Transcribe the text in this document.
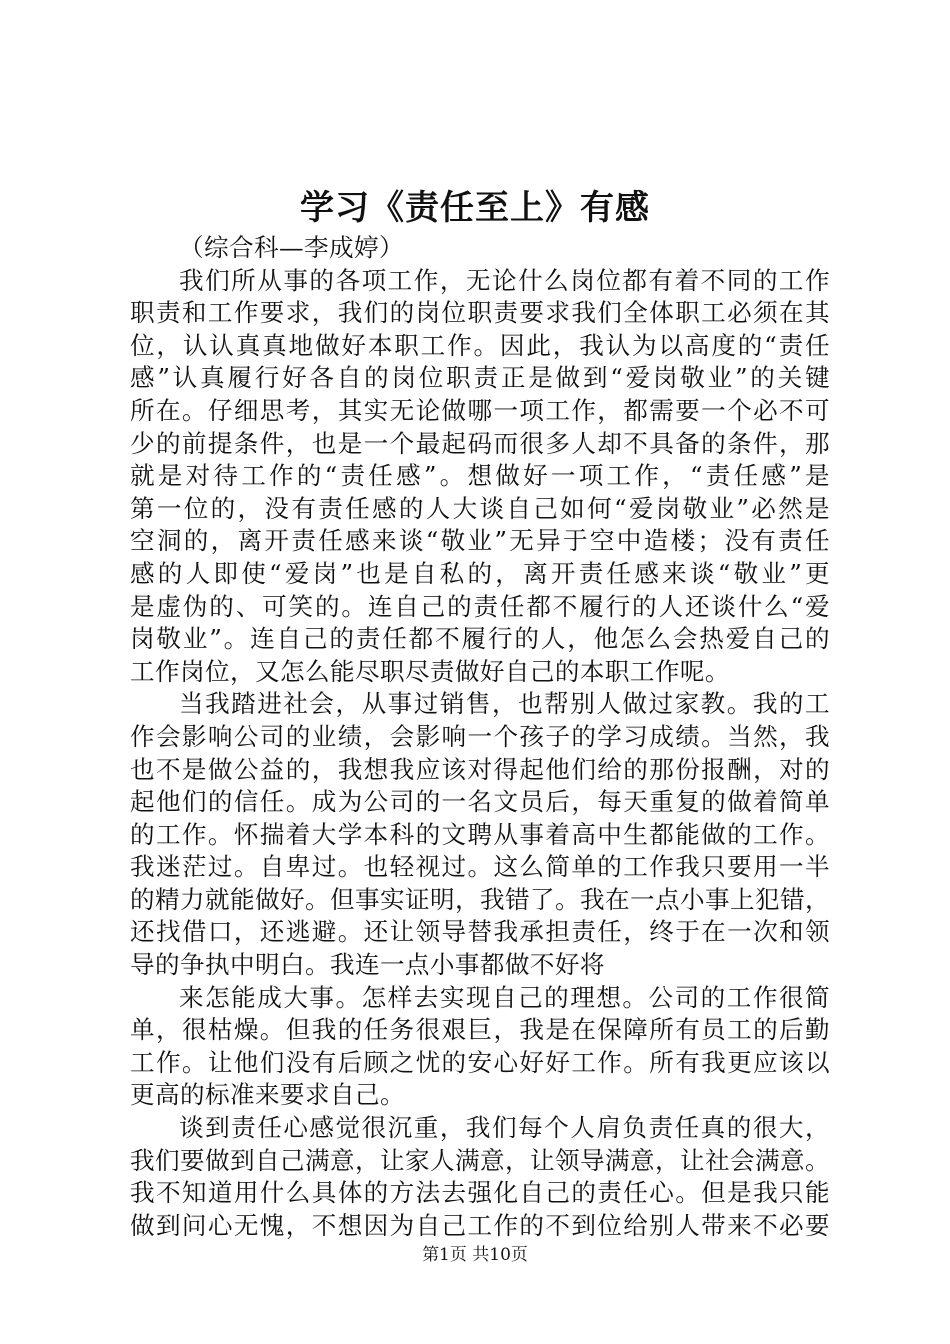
学习《责任至上》有感
（综合科—李成婷）
我们所从事的各项工作，无论什么岗位都有着不同的工作
职责和工作要求，我们的岗位职责要求我们全体职工必须在其
位，认认真真地做好本职工作。因此，我认为以高度的“责任
感”认真履行好各自的岗位职责正是做到“爱岗敬业”的关键
所在。仔细思考，其实无论做哪一项工作，都需要一个必不可
少的前提条件，也是一个最起码而很多人却不具备的条件，那
就是对待工作的“责任感”。想做好一项工作，“责任感”是
第一位的，没有责任感的人大谈自己如何“爱岗敬业”必然是
空洞的，离开责任感来谈“敬业”无异于空中造楼；没有责任
感的人即使“爱岗”也是自私的，离开责任感来谈“敬业”更
是虚伪的、可笑的。连自己的责任都不履行的人还谈什么“爱
岗敬业”。连自己的责任都不履行的人，他怎么会热爱自己的
工作岗位，又怎么能尽职尽责做好自己的本职工作呢。
当我踏进社会，从事过销售，也帮别人做过家教。我的工
作会影响公司的业绩，会影响一个孩子的学习成绩。当然，我
也不是做公益的，我想我应该对得起他们给的那份报酬，对的
起他们的信任。成为公司的一名文员后，每天重复的做着简单
的工作。怀揣着大学本科的文聘从事着高中生都能做的工作。
我迷茫过。自卑过。也轻视过。这么简单的工作我只要用一半
的精力就能做好。但事实证明，我错了。我在一点小事上犯错，
还找借口，还逃避。还让领导替我承担责任，终于在一次和领
导的争执中明白。我连一点小事都做不好将
来怎能成大事。怎样去实现自己的理想。公司的工作很简
单，很枯燥。但我的任务很艰巨，我是在保障所有员工的后勤
工作。让他们没有后顾之忧的安心好好工作。所有我更应该以
更高的标准来要求自己。
谈到责任心感觉很沉重，我们每个人肩负责任真的很大，
我们要做到自己满意，让家人满意，让领导满意，让社会满意。
我不知道用什么具体的方法去强化自己的责任心。但是我只能
做到问心无愧，不想因为自己工作的不到位给别人带来不必要
第1页 共10页
